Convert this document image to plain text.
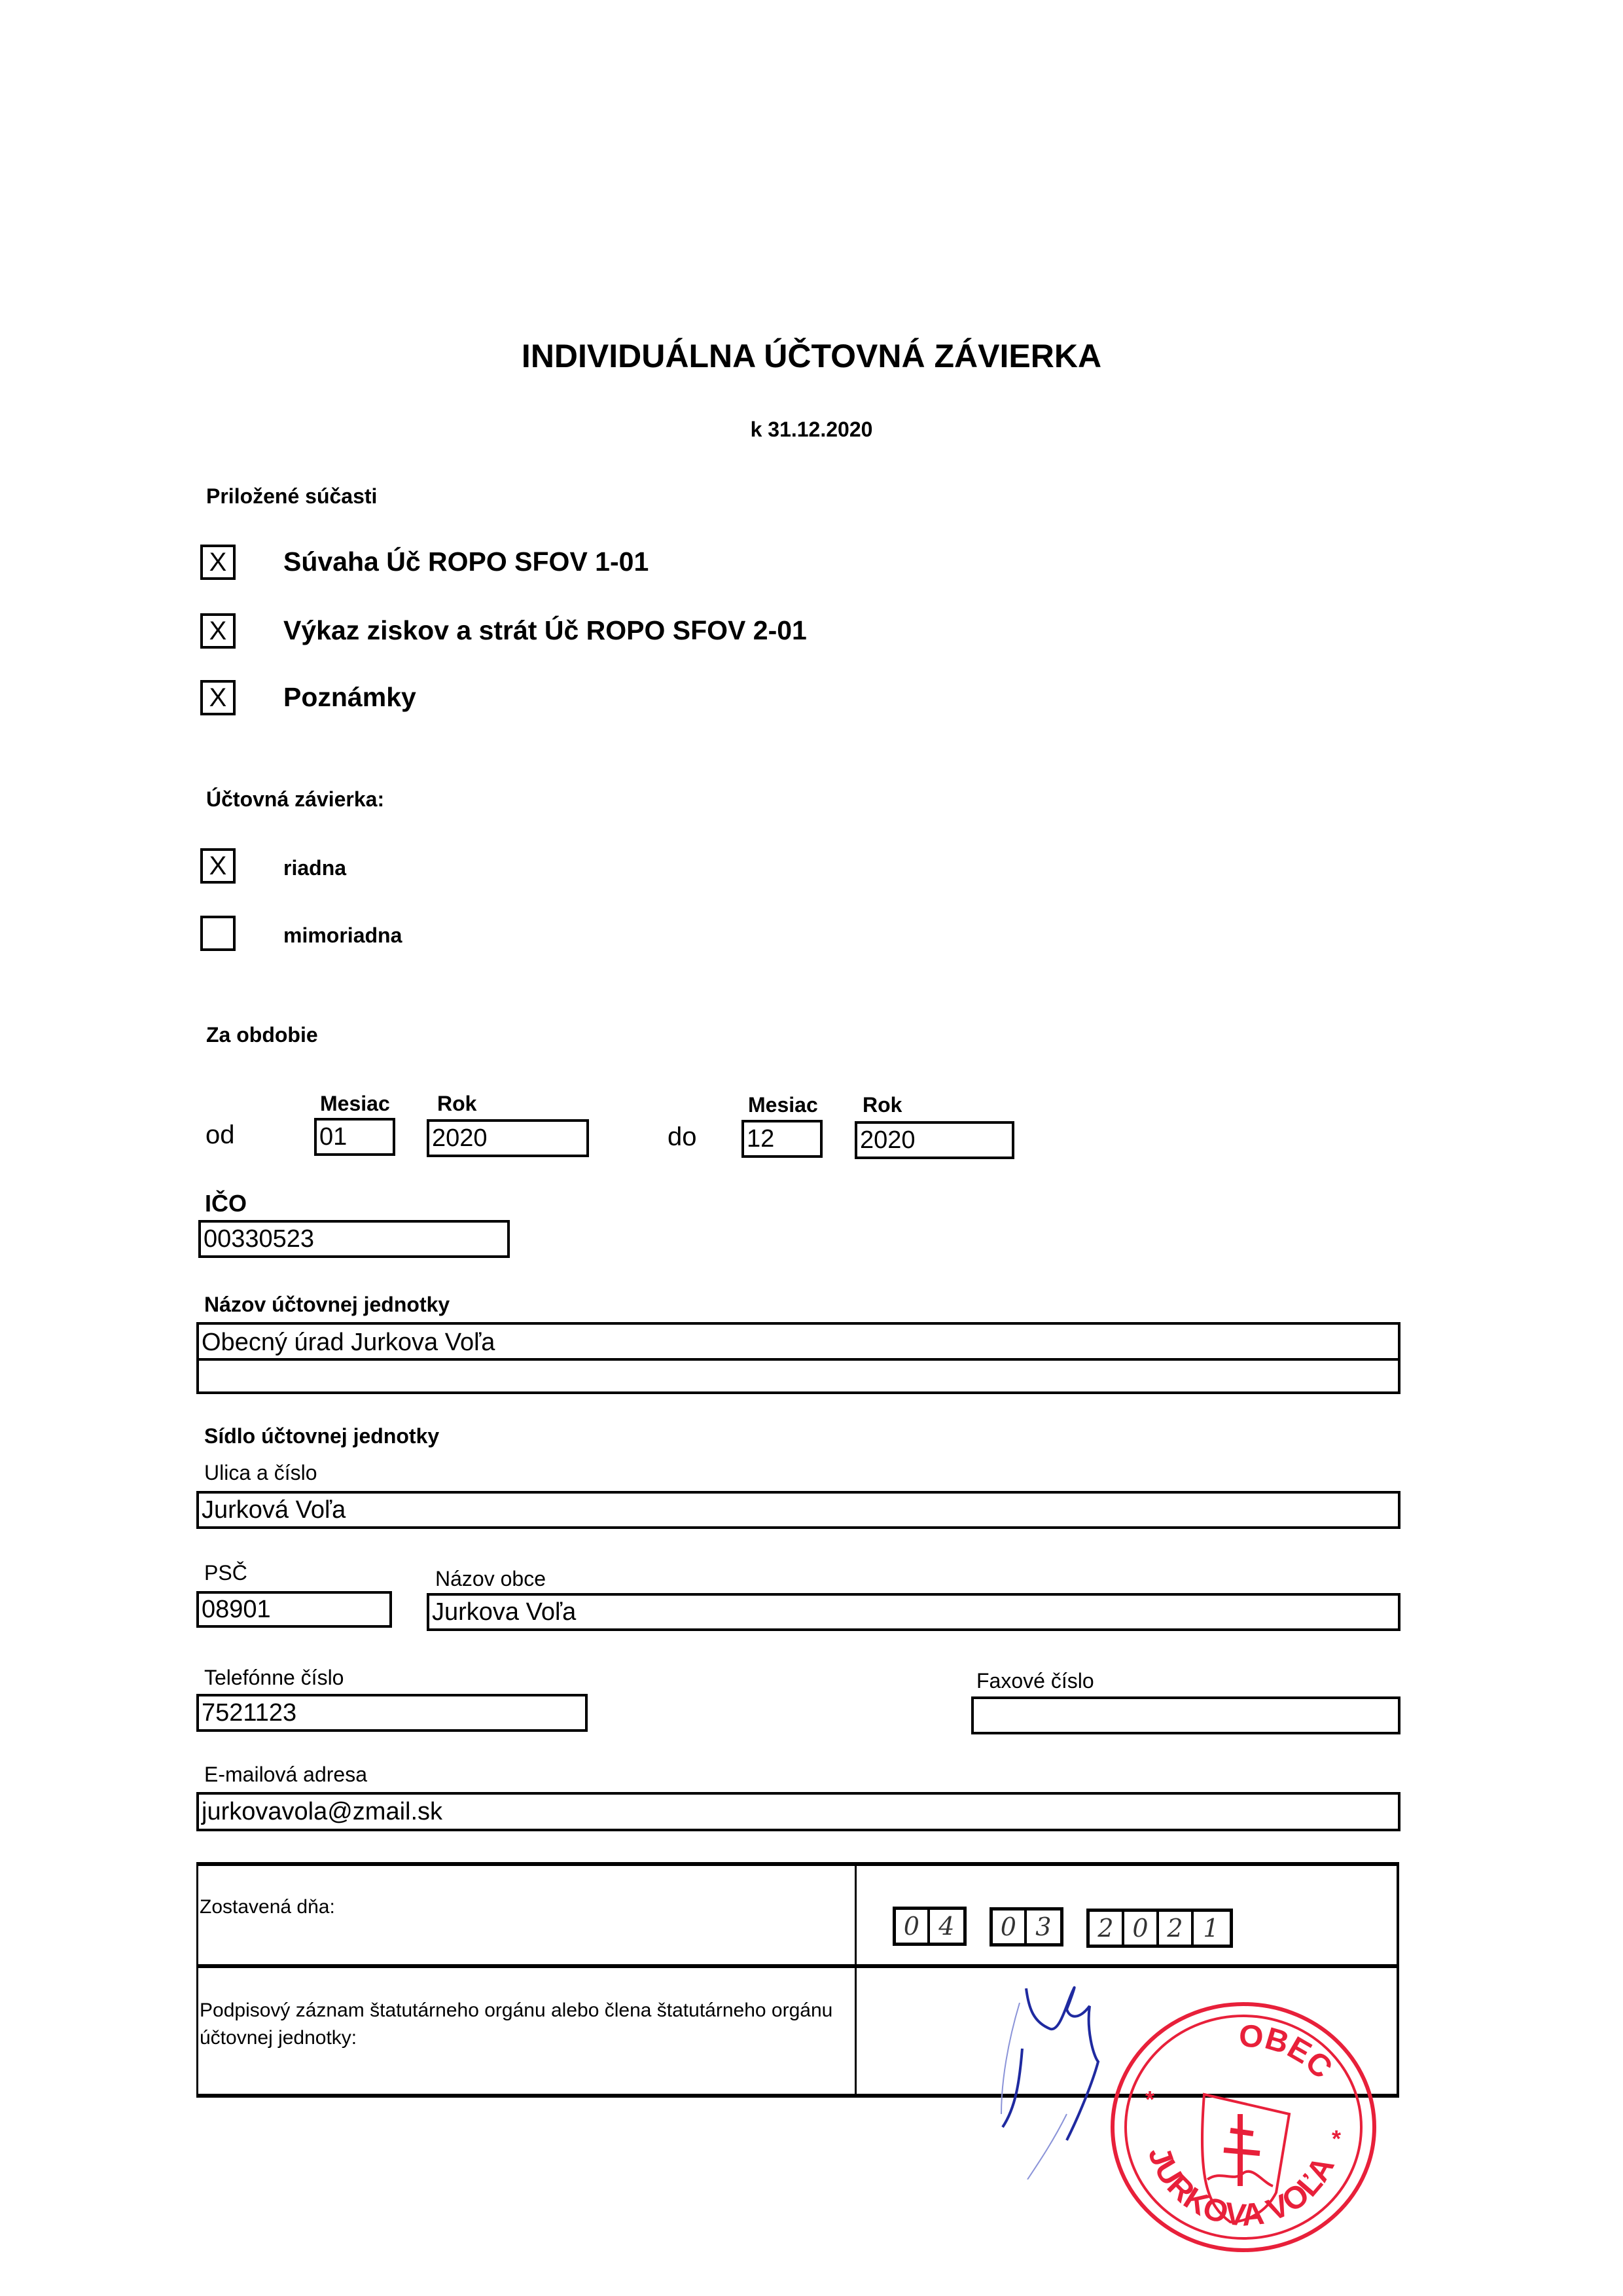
INDIVIDUÁLNA ÚČTOVNÁ ZÁVIERKA
k 31.12.2020
Priložené súčasti
X	Súvaha Úč ROPO SFOV 1-01
X	Výkaz ziskov a strát Úč ROPO SFOV 2-01
X	Poznámky
Účtovná závierka:
X	riadna
mimoriadna
Za obdobie
Mesiac Rok	Mesiac Rok
od	01	2020	do 12	2020
IČO
00330523
Názov účtovnej jednotky
Obecný úrad Jurkova Voľa
Sídlo účtovnej jednotky
Ulica a číslo
Jurková Voľa
PSČ
08901
Názov obce
Jurkova Voľa
Telefónne číslo
7521123
Faxové číslo
E-mailová adresa
jurkovavola@zmail.sk
Zostavená dňa:
0 4	0 3	2 0 2 1
Podpisový záznam štatutárneho orgánu alebo člena štatutárneho orgánu účtovnej jednotky:	OBEC
JURKOVA VOĽA
*
*
